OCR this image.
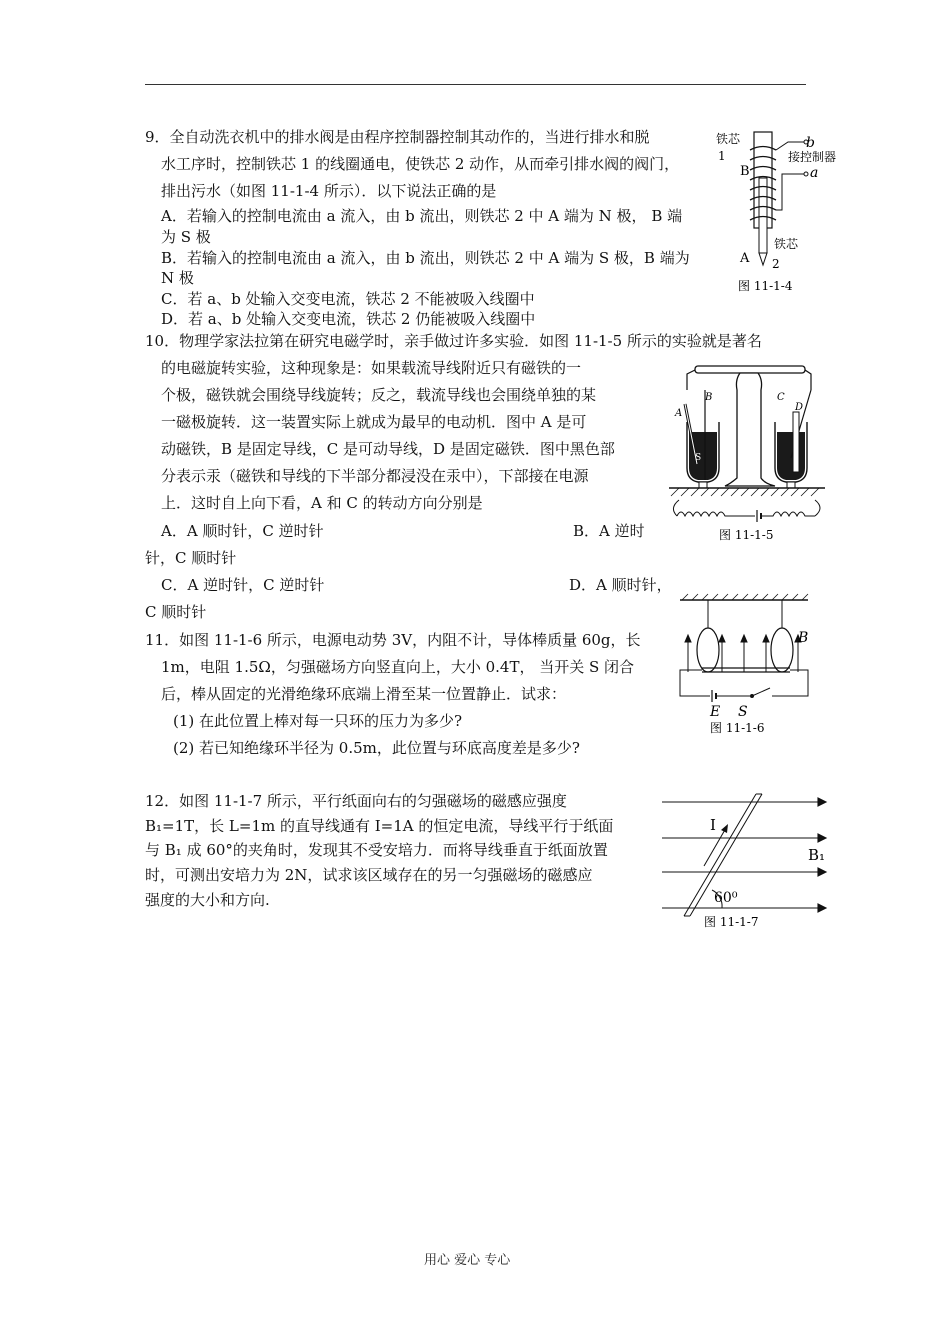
9．全自动洗衣机中的排水阀是由程序控制器控制其动作的，当进行排水和脱
水工序时，控制铁芯 1 的线圈通电，使铁芯 2 动作，从而牵引排水阀的阀门，
排出污水（如图 11-1-4 所示）．以下说法正确的是
A．若输入的控制电流由 a 流入，由 b 流出，则铁芯 2 中 A 端为 N 极， B 端
为 S 极
B．若输入的控制电流由 a 流入，由 b 流出，则铁芯 2 中 A 端为 S 极，B 端为
N 极
C．若 a、b 处输入交变电流，铁芯 2 不能被吸入线圈中
D．若 a、b 处输入交变电流，铁芯 2 仍能被吸入线圈中
铁芯
1
b
接控制器
B	a
铁芯
A 2
图 11-1-4
10．物理学家法拉第在研究电磁学时，亲手做过许多实验．如图 11-1-5 所示的实验就是著名
的电磁旋转实验，这种现象是：如果载流导线附近只有磁铁的一
个极，磁铁就会围绕导线旋转；反之，载流导线也会围绕单独的某
一磁极旋转．这一装置实际上就成为最早的电动机．图中 A 是可
动磁铁，B 是固定导线，C 是可动导线，D 是固定磁铁．图中黑色部
分表示汞（磁铁和导线的下半部分都浸没在汞中），下部接在电源
上．这时自上向下看，A 和 C 的转动方向分别是
A．A 顺时针，C 逆时针	B．A 逆时
针，C 顺时针
C．A 逆时针，C 逆时针	D．A 顺时针，
C 顺时针
A
B
S
C
D
S
图 11-1-5
11．如图 11-1-6 所示，电源电动势 3V，内阻不计，导体棒质量 60g，长
1m，电阻 1.5Ω，匀强磁场方向竖直向上，大小 0.4T， 当开关 S 闭合
后，棒从固定的光滑绝缘环底端上滑至某一位置静止．试求：
(1) 在此位置上棒对每一只环的压力为多少?
(2) 若已知绝缘环半径为 0.5m，此位置与环底高度差是多少?
B
E S
图 11-1-6
12．如图 11-1-7 所示，平行纸面向右的匀强磁场的磁感应强度
B₁=1T，长 L=1m 的直导线通有 I=1A 的恒定电流，导线平行于纸面
与 B₁ 成 60°的夹角时，发现其不受安培力．而将导线垂直于纸面放置
时，可测出安培力为 2N，试求该区域存在的另一匀强磁场的磁感应
强度的大小和方向.
I
B₁
60⁰
图 11-1-7
用心 爱心 专心
